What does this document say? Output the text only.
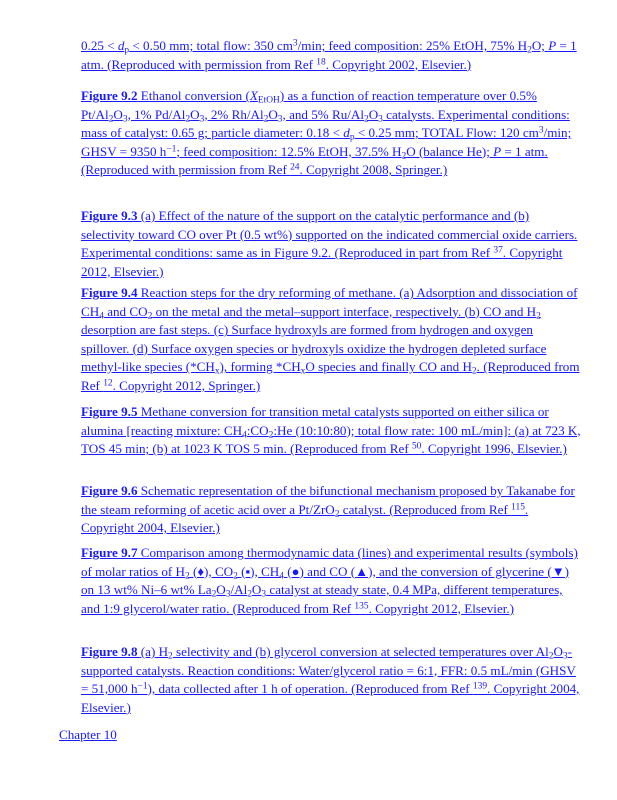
$0.25 < d_p < 0.50$ mm; total flow: 350 $cm^3/\min$; feed composition: 25% EtOH, 75% $H_2O$; P = 1 atm. (Reproduced with permission from Ref $^{18}$. Copyright 2002, Elsevier.)
Figure 9.2 Ethanol conversion $(X_{EtOH})$ as a function of reaction temperature over 0.5% $Pt/Al_2O_3$, 1% $Pd/Al_2O_3$, 2% $Rh/Al_2O_3$, and 5% $Ru/Al_2O_3$ catalysts. Experimental conditions: mass of catalyst: 0.65 g; particle diameter: $0.18 < d_p < 0.25$ mm; TOTAL Flow: 120 $cm^3/\min$; GHSV = 9350 $h^{-1}$; feed composition: 12.5% EtOH, 37.5% $H_2O$ (balance He); P = 1 atm. (Reproduced with permission from Ref $^{24}$. Copyright 2008, Springer.)
Figure 9.3 (a) Effect of the nature of the support on the catalytic performance and (b) selectivity toward CO over Pt (0.5 wt%) supported on the indicated commercial oxide carriers. Experimental conditions: same as in Figure 9.2. (Reproduced in part from Ref $^{37}$. Copyright 2012, Elsevier.)
Figure 9.4 Reaction steps for the dry reforming of methane. (a) Adsorption and dissociation of $CH_4$ and $CO_2$ on the metal and the metal–support interface, respectively. (b) CO and $H_2$ desorption are fast steps. (c) Surface hydroxyls are formed from hydrogen and oxygen spillover. (d) Surface oxygen species or hydroxyls oxidize the hydrogen depleted surface methyl-like species $(*CH_x)$, forming $*CH_xO$ species and finally CO and $H_2$. (Reproduced from Ref $^{12}$. Copyright 2012, Springer.)
Figure 9.5 Methane conversion for transition metal catalysts supported on either silica or alumina [reacting mixture: $CH_4:CO_2:He$ (10:10:80); total flow rate: 100 mL/min]: (a) at 723 K, TOS 45 min; (b) at 1023 K TOS 5 min. (Reproduced from Ref $^{50}$. Copyright 1996, Elsevier.)
Figure 9.6 Schematic representation of the bifunctional mechanism proposed by Takanabe for the steam reforming of acetic acid over a Pt/ZrO$_2$ catalyst. (Reproduced from Ref $^{115}$. Copyright 2004, Elsevier.)
Figure 9.7 Comparison among thermodynamic data (lines) and experimental results (symbols) of molar ratios of $H_2$ (♦), $CO_2$ (▪), $CH_4$ (●) and CO (▲), and the conversion of glycerine (▼) on 13 wt% Ni–6 wt% $La_2O_3/Al_2O_3$ catalyst at steady state, 0.4 MPa, different temperatures, and 1:9 glycerol/water ratio. (Reproduced from Ref $^{135}$. Copyright 2012, Elsevier.)
Figure 9.8 (a) $H_2$ selectivity and (b) glycerol conversion at selected temperatures over $Al_2O_3$-supported catalysts. Reaction conditions: Water/glycerol ratio = 6:1, FFR: 0.5 mL/min (GHSV = 51,000 $h^{-1}$), data collected after 1 h of operation. (Reproduced from Ref $^{139}$. Copyright 2004, Elsevier.)
Chapter 10
